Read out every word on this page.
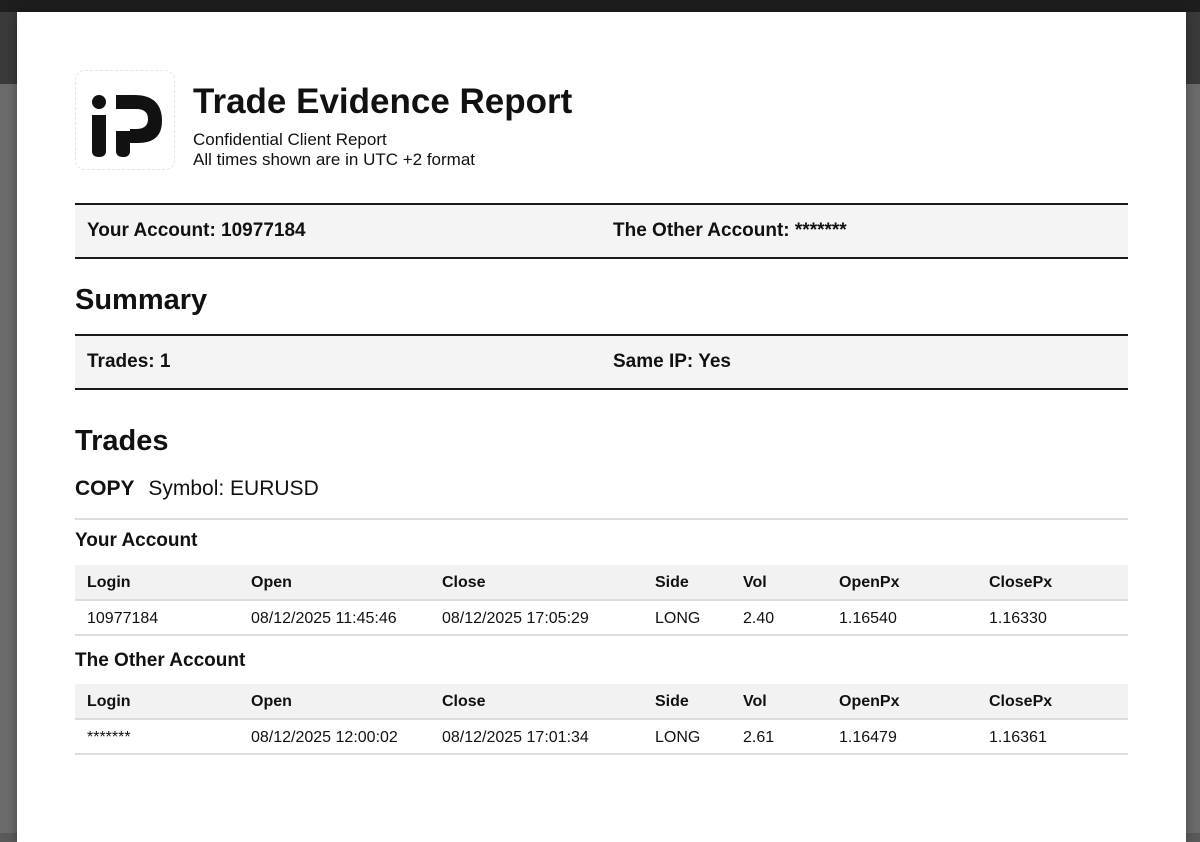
Trade Evidence Report
Confidential Client Report
All times shown are in UTC +2 format
Your Account: 10977184	The Other Account: *******
Summary
Trades: 1	Same IP: Yes
Trades
COPY Symbol: EURUSD
Your Account
Login	Open	Close	Side	Vol	OpenPx	ClosePx
10977184	08/12/2025 11:45:46	08/12/2025 17:05:29	LONG	2.40	1.16540	1.16330
The Other Account
Login	Open	Close	Side	Vol	OpenPx	ClosePx
*******	08/12/2025 12:00:02	08/12/2025 17:01:34	LONG	2.61	1.16479	1.16361
